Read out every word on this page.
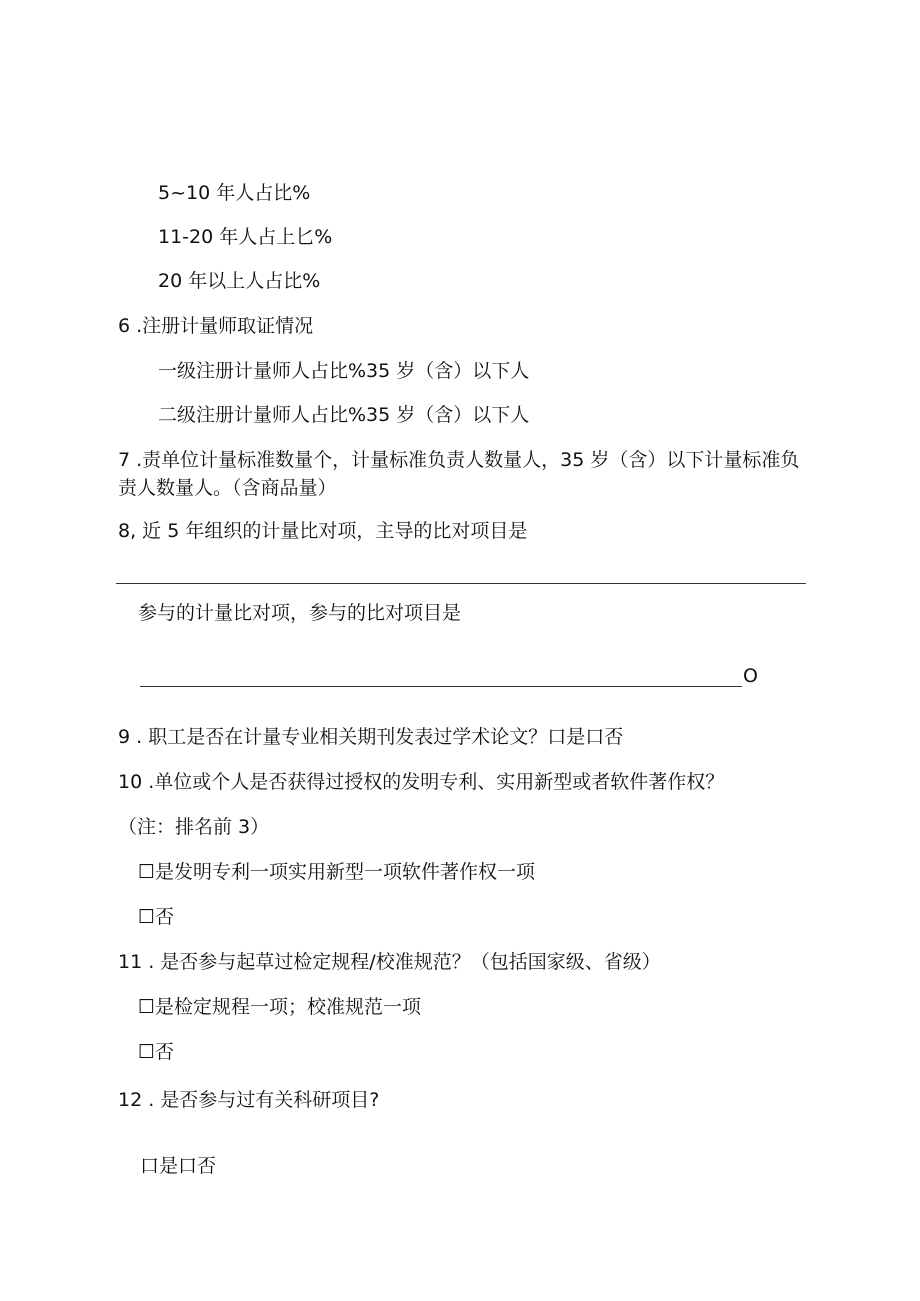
5~10 年人占比%
11-20 年人占上匕%
20 年以上人占比%
6 .注册计量师取证情况
一级注册计量师人占比%35 岁（含）以下人
二级注册计量师人占比%35 岁（含）以下人
7 .责单位计量标准数量个，计量标准负责人数量人，35 岁（含）以下计量标准负责人数量人。（含商品量）
8, 近 5 年组织的计量比对项，主导的比对项目是
参与的计量比对项，参与的比对项目是
O
9 . 职工是否在计量专业相关期刊发表过学术论文？口是口否
10 .单位或个人是否获得过授权的发明专利、实用新型或者软件著作权？
（注：排名前 3）
☐是发明专利一项实用新型一项软件著作权一项
☐否
11 . 是否参与起草过检定规程/校准规范？（包括国家级、省级）
☐是检定规程一项；校准规范一项
☐否
12 . 是否参与过有关科研项目?
口是口否
